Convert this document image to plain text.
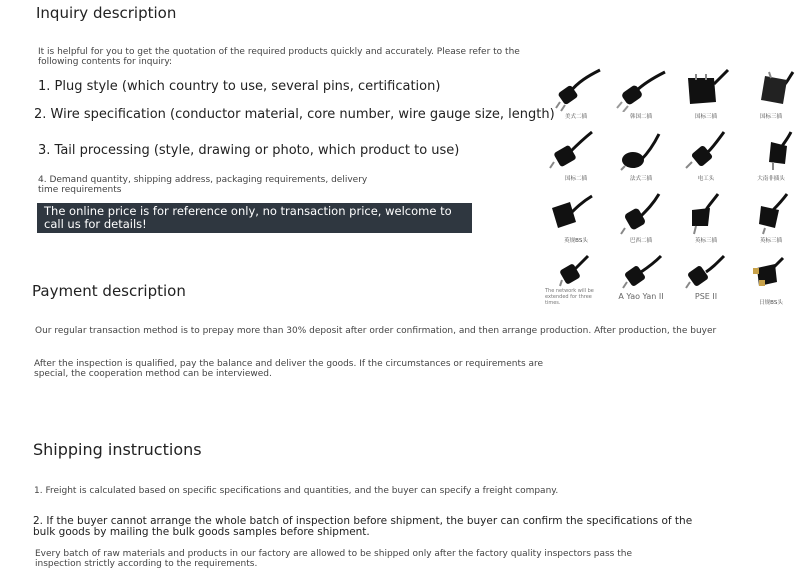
Inquiry description
It is helpful for you to get the quotation of the required products quickly and accurately. Please refer to the following contents for inquiry:
1. Plug style (which country to use, several pins, certification)
2. Wire specification (conductor material, core number, wire gauge size, length)
3. Tail processing (style, drawing or photo, which product to use)
4. Demand quantity, shipping address, packaging requirements, delivery time requirements
The online price is for reference only, no transaction price, welcome to call us for details!
Payment description
Our regular transaction method is to prepay more than 30% deposit after order confirmation, and then arrange production. After production, the buyer
After the inspection is qualified, pay the balance and deliver the goods. If the circumstances or requirements are special, the cooperation method can be interviewed.
Shipping instructions
1. Freight is calculated based on specific specifications and quantities, and the buyer can specify a freight company.
2. If the buyer cannot arrange the whole batch of inspection before shipment, the buyer can confirm the specifications of the bulk goods by mailing the bulk goods samples before shipment.
Every batch of raw materials and products in our factory are allowed to be shipped only after the factory quality inspectors pass the inspection strictly according to the requirements.
美式二插	韩国二插	国标三插	国标三插
国标二插	法式三插	电工头	大南非插头
英规BS头	巴西二插	英标三插	英标三插
The network will be extended for three times.
A Yao Yan II	PSE II
日规BS头
